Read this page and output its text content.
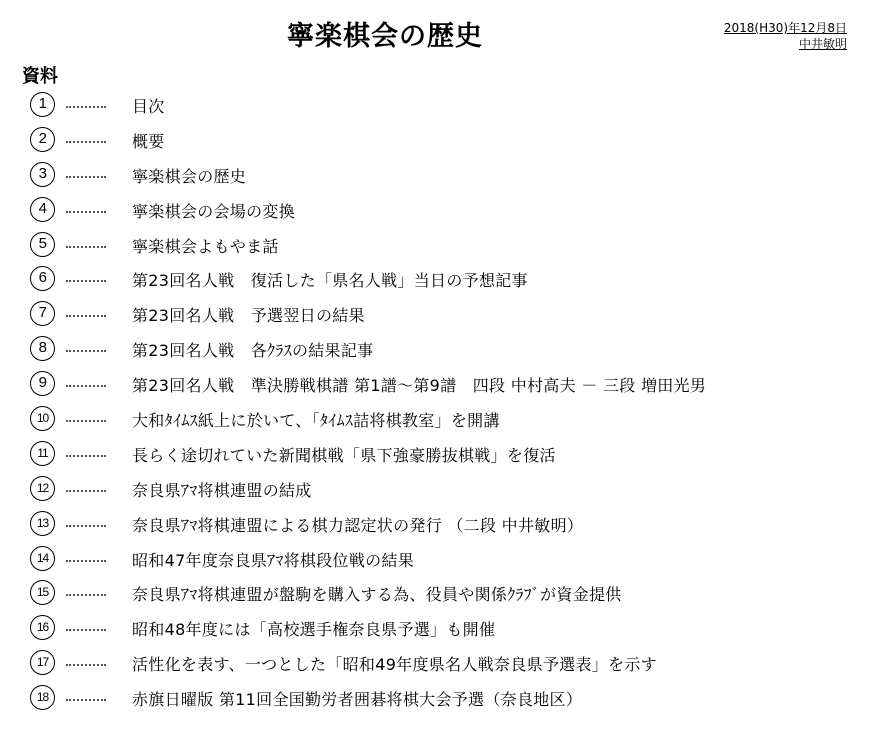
寧楽棋会の歴史	2018(H30)年12月8日
中井敏明
資料
1	目次
2	概要
3	寧楽棋会の歴史
4	寧楽棋会の会場の変換
5	寧楽棋会よもやま話
6	第23回名人戦　復活した「県名人戦」当日の予想記事
7	第23回名人戦　予選翌日の結果
8	第23回名人戦　各ｸﾗｽの結果記事
9	第23回名人戦　準決勝戦棋譜 第1譜～第9譜　四段 中村高夫 － 三段 増田光男
10	大和ﾀｲﾑｽ紙上に於いて、「ﾀｲﾑｽ詰将棋教室」を開講
11	長らく途切れていた新聞棋戦「県下強豪勝抜棋戦」を復活
12	奈良県ｱﾏ将棋連盟の結成
13	奈良県ｱﾏ将棋連盟による棋力認定状の発行 （二段 中井敏明）
14	昭和47年度奈良県ｱﾏ将棋段位戦の結果
15	奈良県ｱﾏ将棋連盟が盤駒を購入する為、役員や関係ｸﾗﾌﾞが資金提供
16	昭和48年度には「高校選手権奈良県予選」も開催
17	活性化を表す、一つとした「昭和49年度県名人戦奈良県予選表」を示す
18	赤旗日曜版 第11回全国勤労者囲碁将棋大会予選（奈良地区）
